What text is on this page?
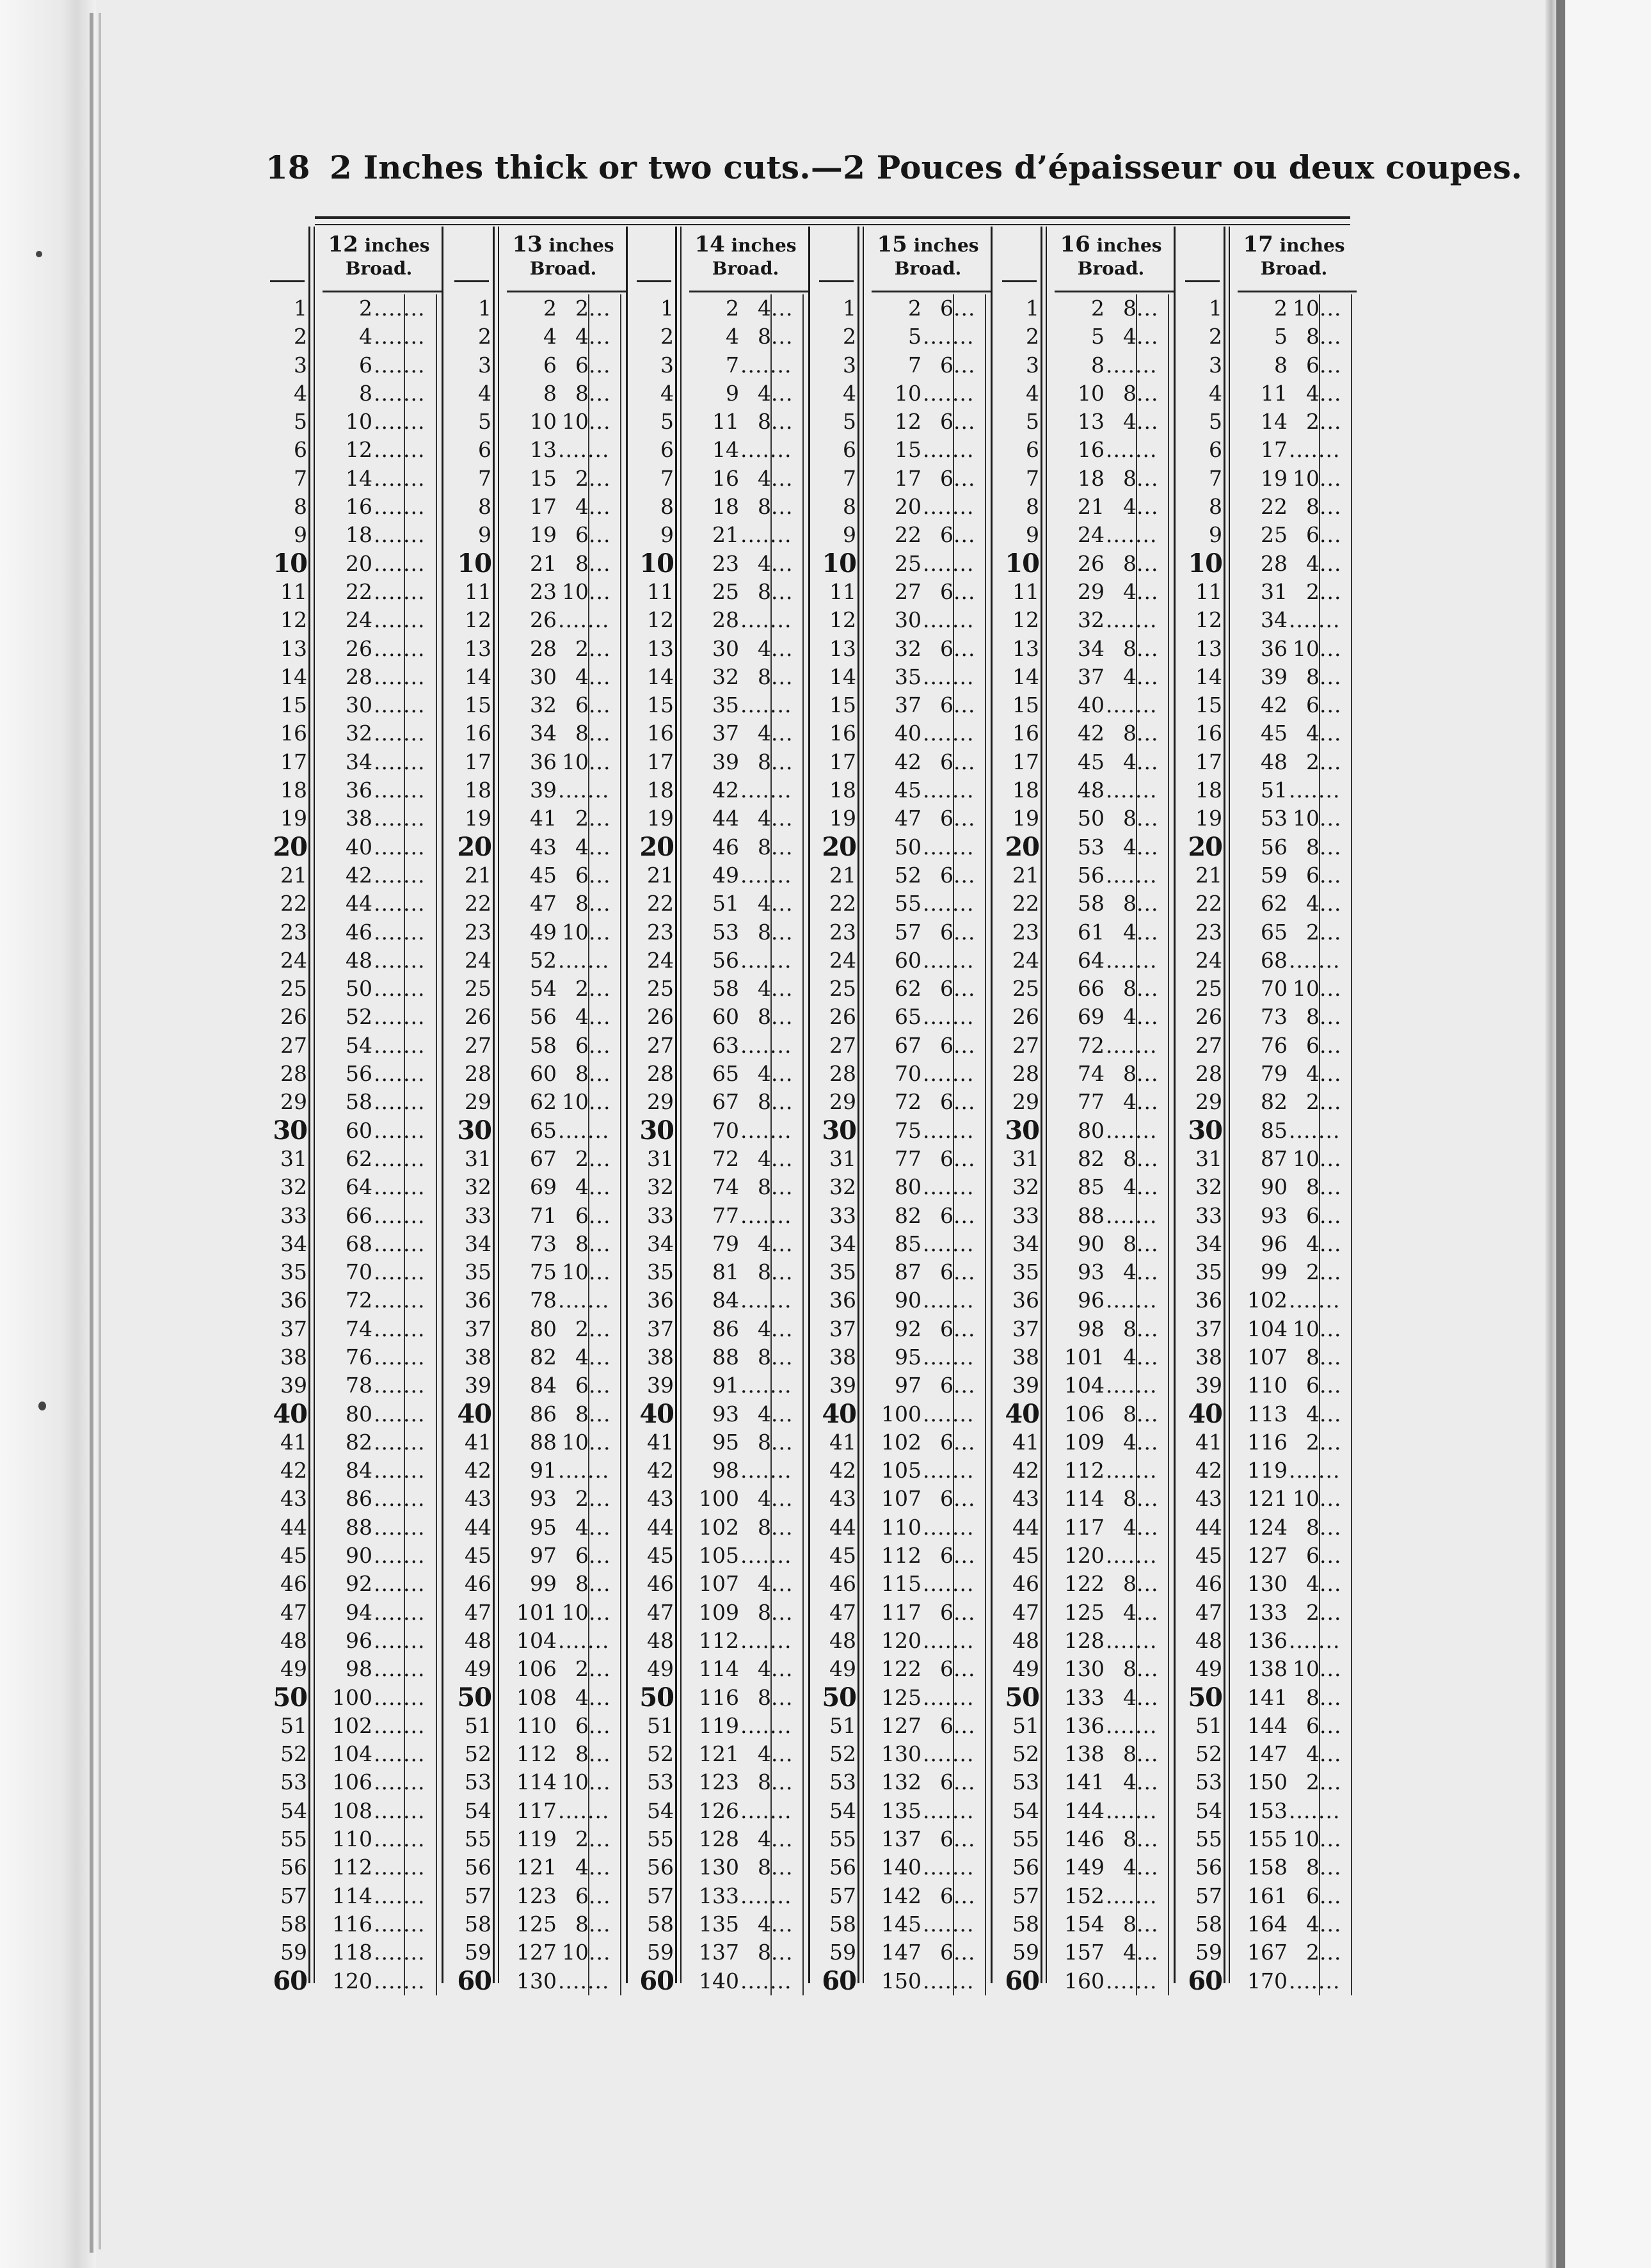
18 2 Inches thick or two cuts.—2 Pouces d’épaisseur ou deux coupes.
1
2
3
4
5
6
7
8
9
10
11
12
13
14
15
16
17
18
19
20
21
22
23
24
25
26
27
28
29
30
31
32
33
34
35
36
37
38
39
40
41
42
43
44
45
46
47
48
49
50
51
52
53
54
55
56
57
58
59
60
12 inches
Broad.
2 .......
4 .......
6 .......
8 .......
10 .......
12 .......
14 .......
16 .......
18 .......
20 .......
22 .......
24 .......
26 .......
28 .......
30 .......
32 .......
34 .......
36 .......
38 .......
40 .......
42 .......
44 .......
46 .......
48 .......
50 .......
52 .......
54 .......
56 .......
58 .......
60 .......
62 .......
64 .......
66 .......
68 .......
70 .......
72 .......
74 .......
76 .......
78 .......
80 .......
82 .......
84 .......
86 .......
88 .......
90 .......
92 .......
94 .......
96 .......
98 .......
100 .......
102 .......
104 .......
106 .......
108 .......
110 .......
112 .......
114 .......
116 .......
118 .......
120 .......
1
2
3
4
5
6
7
8
9
10
11
12
13
14
15
16
17
18
19
20
21
22
23
24
25
26
27
28
29
30
31
32
33
34
35
36
37
38
39
40
41
42
43
44
45
46
47
48
49
50
51
52
53
54
55
56
57
58
59
60
13 inches
Broad.
2 2 ...
4 4 ...
6 6 ...
8 8 ...
10 10 ...
13 .......
15 2 ...
17 4 ...
19 6 ...
21 8 ...
23 10 ...
26 .......
28 2 ...
30 4 ...
32 6 ...
34 8 ...
36 10 ...
39 .......
41 2 ...
43 4 ...
45 6 ...
47 8 ...
49 10 ...
52 .......
54 2 ...
56 4 ...
58 6 ...
60 8 ...
62 10 ...
65 .......
67 2 ...
69 4 ...
71 6 ...
73 8 ...
75 10 ...
78 .......
80 2 ...
82 4 ...
84 6 ...
86 8 ...
88 10 ...
91 .......
93 2 ...
95 4 ...
97 6 ...
99 8 ...
101 10 ...
104 .......
106 2 ...
108 4 ...
110 6 ...
112 8 ...
114 10 ...
117 .......
119 2 ...
121 4 ...
123 6 ...
125 8 ...
127 10 ...
130 .......
1
2
3
4
5
6
7
8
9
10
11
12
13
14
15
16
17
18
19
20
21
22
23
24
25
26
27
28
29
30
31
32
33
34
35
36
37
38
39
40
41
42
43
44
45
46
47
48
49
50
51
52
53
54
55
56
57
58
59
60
14 inches
Broad.
2 4 ...
4 8 ...
7 .......
9 4 ...
11 8 ...
14 .......
16 4 ...
18 8 ...
21 .......
23 4 ...
25 8 ...
28 .......
30 4 ...
32 8 ...
35 .......
37 4 ...
39 8 ...
42 .......
44 4 ...
46 8 ...
49 .......
51 4 ...
53 8 ...
56 .......
58 4 ...
60 8 ...
63 .......
65 4 ...
67 8 ...
70 .......
72 4 ...
74 8 ...
77 .......
79 4 ...
81 8 ...
84 .......
86 4 ...
88 8 ...
91 .......
93 4 ...
95 8 ...
98 .......
100 4 ...
102 8 ...
105 .......
107 4 ...
109 8 ...
112 .......
114 4 ...
116 8 ...
119 .......
121 4 ...
123 8 ...
126 .......
128 4 ...
130 8 ...
133 .......
135 4 ...
137 8 ...
140 .......
1
2
3
4
5
6
7
8
9
10
11
12
13
14
15
16
17
18
19
20
21
22
23
24
25
26
27
28
29
30
31
32
33
34
35
36
37
38
39
40
41
42
43
44
45
46
47
48
49
50
51
52
53
54
55
56
57
58
59
60
15 inches
Broad.
2 6 ...
5 .......
7 6 ...
10 .......
12 6 ...
15 .......
17 6 ...
20 .......
22 6 ...
25 .......
27 6 ...
30 .......
32 6 ...
35 .......
37 6 ...
40 .......
42 6 ...
45 .......
47 6 ...
50 .......
52 6 ...
55 .......
57 6 ...
60 .......
62 6 ...
65 .......
67 6 ...
70 .......
72 6 ...
75 .......
77 6 ...
80 .......
82 6 ...
85 .......
87 6 ...
90 .......
92 6 ...
95 .......
97 6 ...
100 .......
102 6 ...
105 .......
107 6 ...
110 .......
112 6 ...
115 .......
117 6 ...
120 .......
122 6 ...
125 .......
127 6 ...
130 .......
132 6 ...
135 .......
137 6 ...
140 .......
142 6 ...
145 .......
147 6 ...
150 .......
1
2
3
4
5
6
7
8
9
10
11
12
13
14
15
16
17
18
19
20
21
22
23
24
25
26
27
28
29
30
31
32
33
34
35
36
37
38
39
40
41
42
43
44
45
46
47
48
49
50
51
52
53
54
55
56
57
58
59
60
16 inches
Broad.
2 8 ...
5 4 ...
8 .......
10 8 ...
13 4 ...
16 .......
18 8 ...
21 4 ...
24 .......
26 8 ...
29 4 ...
32 .......
34 8 ...
37 4 ...
40 .......
42 8 ...
45 4 ...
48 .......
50 8 ...
53 4 ...
56 .......
58 8 ...
61 4 ...
64 .......
66 8 ...
69 4 ...
72 .......
74 8 ...
77 4 ...
80 .......
82 8 ...
85 4 ...
88 .......
90 8 ...
93 4 ...
96 .......
98 8 ...
101 4 ...
104 .......
106 8 ...
109 4 ...
112 .......
114 8 ...
117 4 ...
120 .......
122 8 ...
125 4 ...
128 .......
130 8 ...
133 4 ...
136 .......
138 8 ...
141 4 ...
144 .......
146 8 ...
149 4 ...
152 .......
154 8 ...
157 4 ...
160 .......
1
2
3
4
5
6
7
8
9
10
11
12
13
14
15
16
17
18
19
20
21
22
23
24
25
26
27
28
29
30
31
32
33
34
35
36
37
38
39
40
41
42
43
44
45
46
47
48
49
50
51
52
53
54
55
56
57
58
59
60
17 inches
Broad.
2 10 ...
5 8 ...
8 6 ...
11 4 ...
14 2 ...
17 .......
19 10 ...
22 8 ...
25 6 ...
28 4 ...
31 2 ...
34 .......
36 10 ...
39 8 ...
42 6 ...
45 4 ...
48 2 ...
51 .......
53 10 ...
56 8 ...
59 6 ...
62 4 ...
65 2 ...
68 .......
70 10 ...
73 8 ...
76 6 ...
79 4 ...
82 2 ...
85 .......
87 10 ...
90 8 ...
93 6 ...
96 4 ...
99 2 ...
102 .......
104 10 ...
107 8 ...
110 6 ...
113 4 ...
116 2 ...
119 .......
121 10 ...
124 8 ...
127 6 ...
130 4 ...
133 2 ...
136 .......
138 10 ...
141 8 ...
144 6 ...
147 4 ...
150 2 ...
153 .......
155 10 ...
158 8 ...
161 6 ...
164 4 ...
167 2 ...
170 .......
